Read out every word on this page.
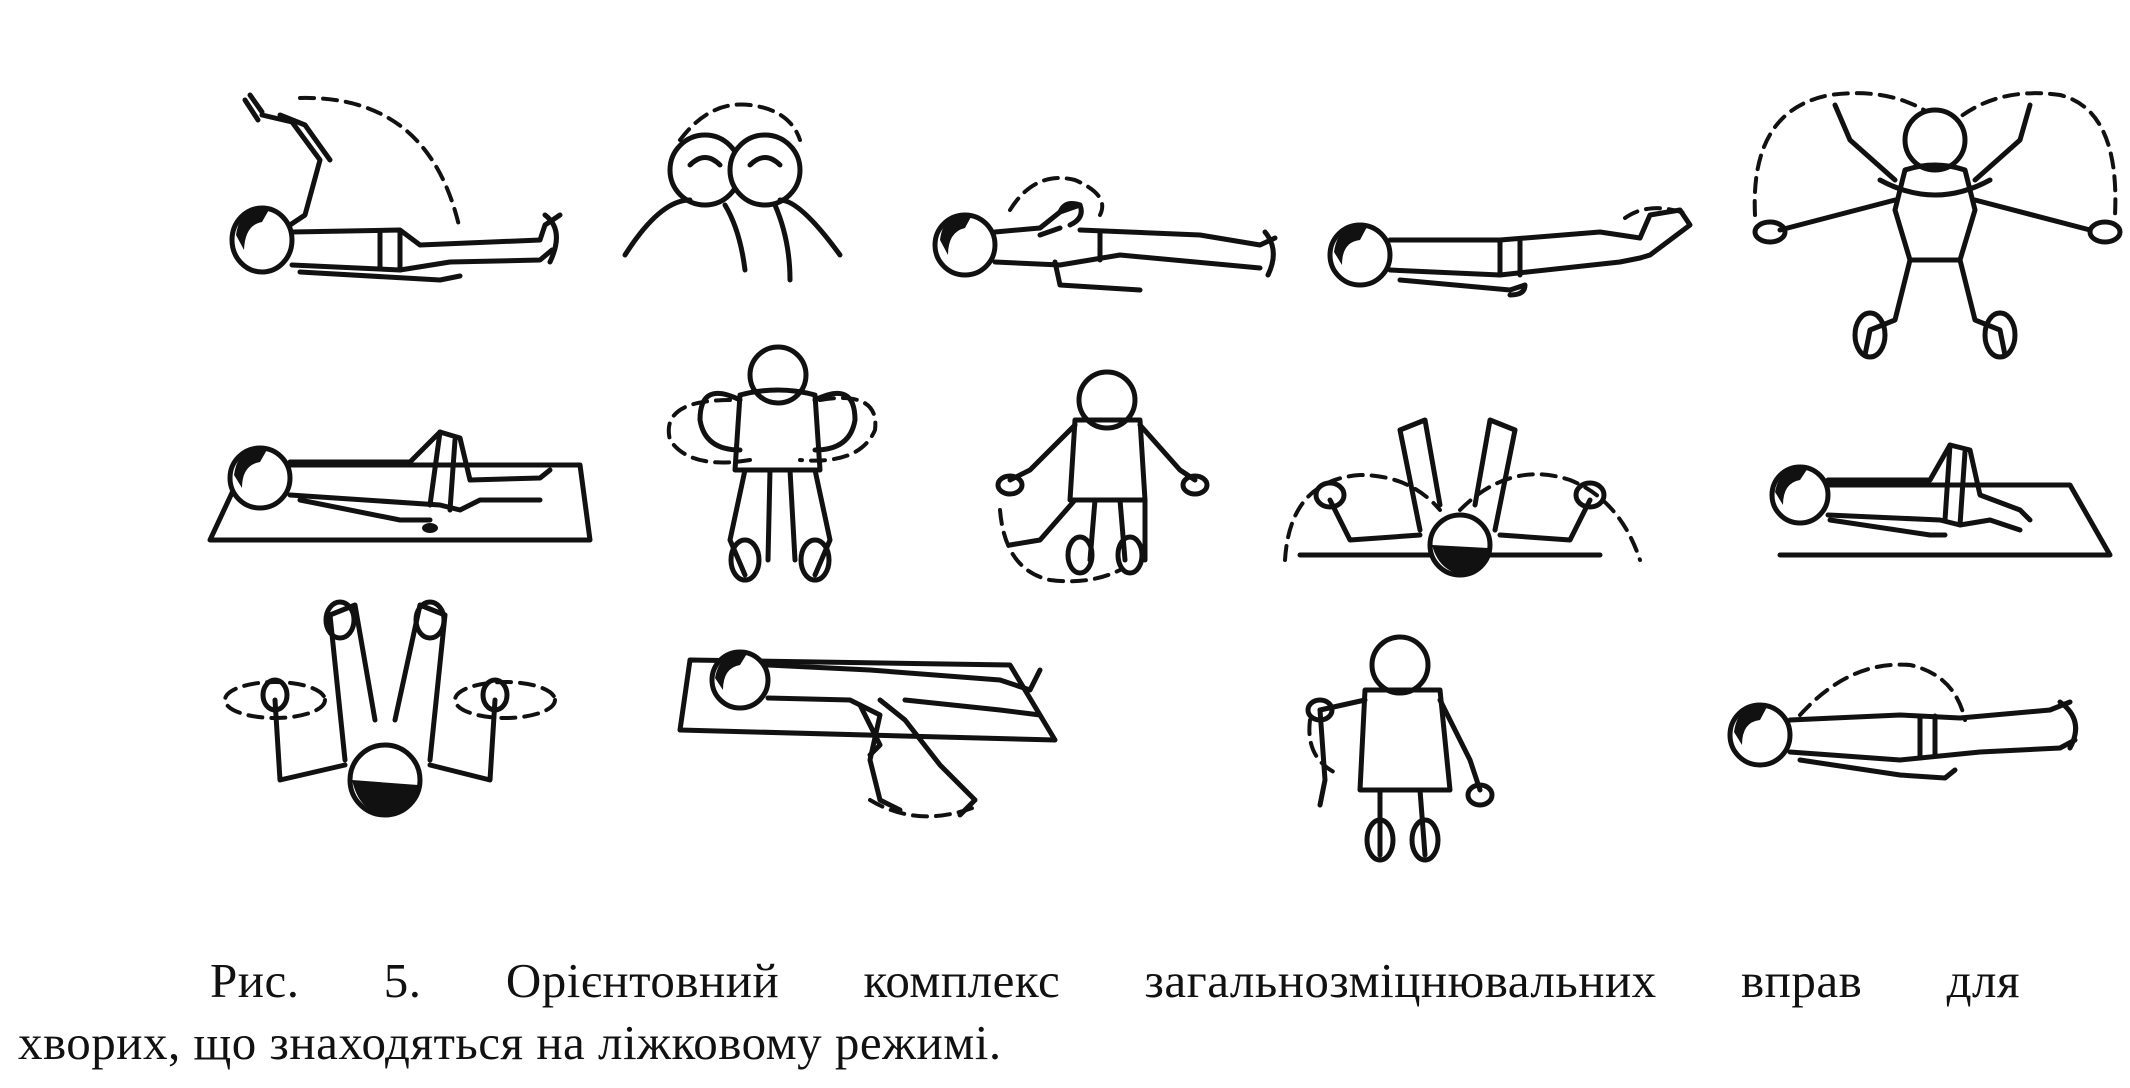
Рис. 5. Орієнтовний комплекс загальнозміцнювальних вправ для
хворих, що знаходяться на ліжковому режимі.
